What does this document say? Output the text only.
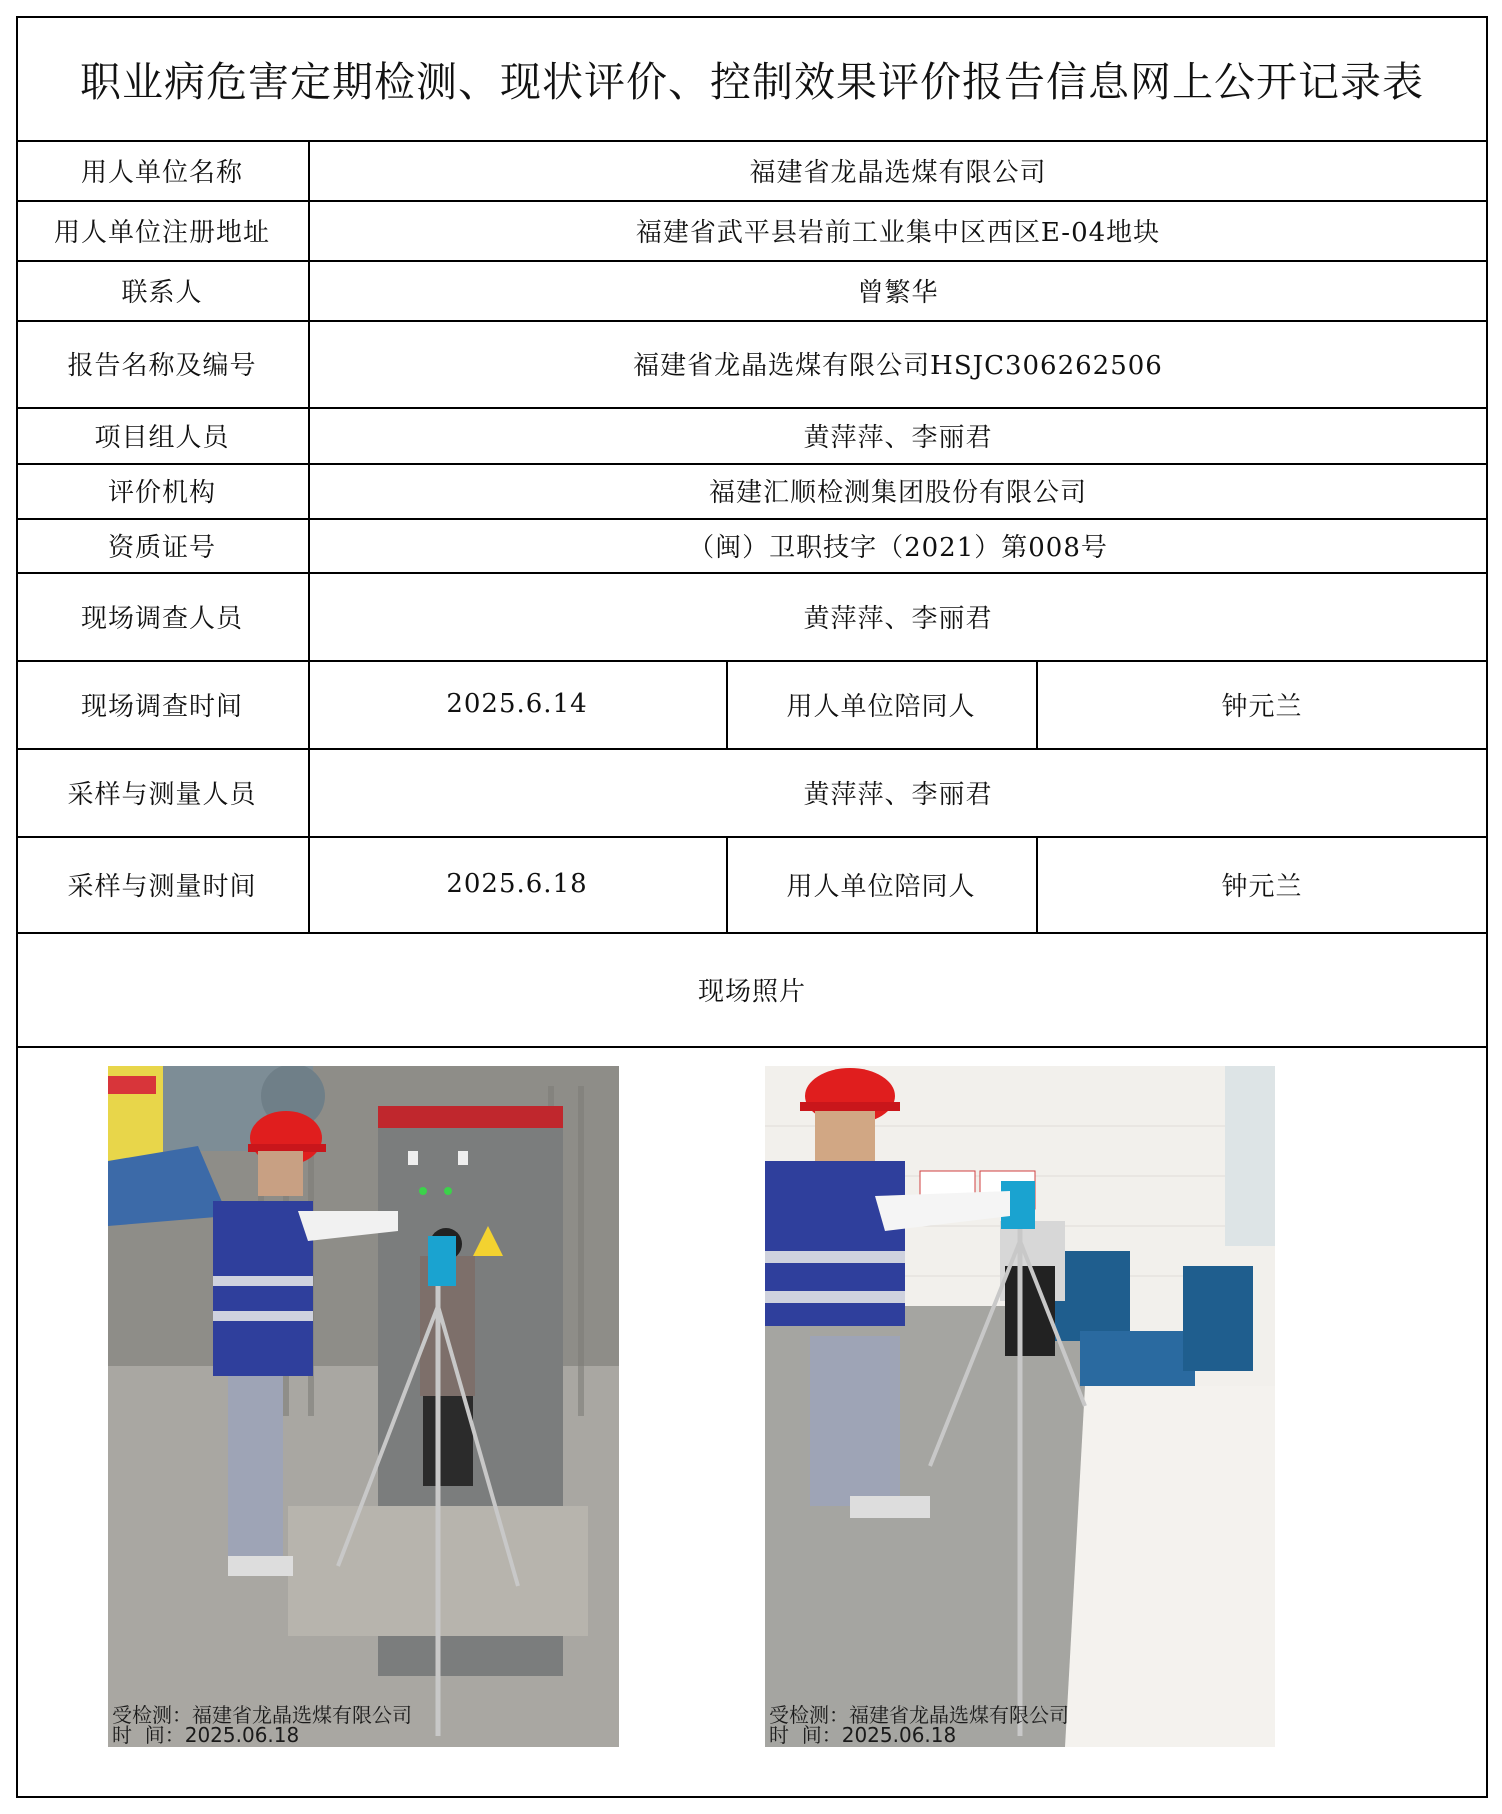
职业病危害定期检测、现状评价、控制效果评价报告信息网上公开记录表
用人单位名称	福建省龙晶选煤有限公司
用人单位注册地址	福建省武平县岩前工业集中区西区E-04地块
联系人	曾繁华
报告名称及编号	福建省龙晶选煤有限公司HSJC306262506
项目组人员	黄萍萍、李丽君
评价机构	福建汇顺检测集团股份有限公司
资质证号	（闽）卫职技字（2021）第008号
现场调查人员	黄萍萍、李丽君
现场调查时间	2025.6.14	用人单位陪同人	钟元兰
采样与测量人员	黄萍萍、李丽君
采样与测量时间	2025.6.18	用人单位陪同人	钟元兰
现场照片
受检测：福建省龙晶选煤有限公司
时  间：2025.06.18
受检测：福建省龙晶选煤有限公司
时  间：2025.06.18
